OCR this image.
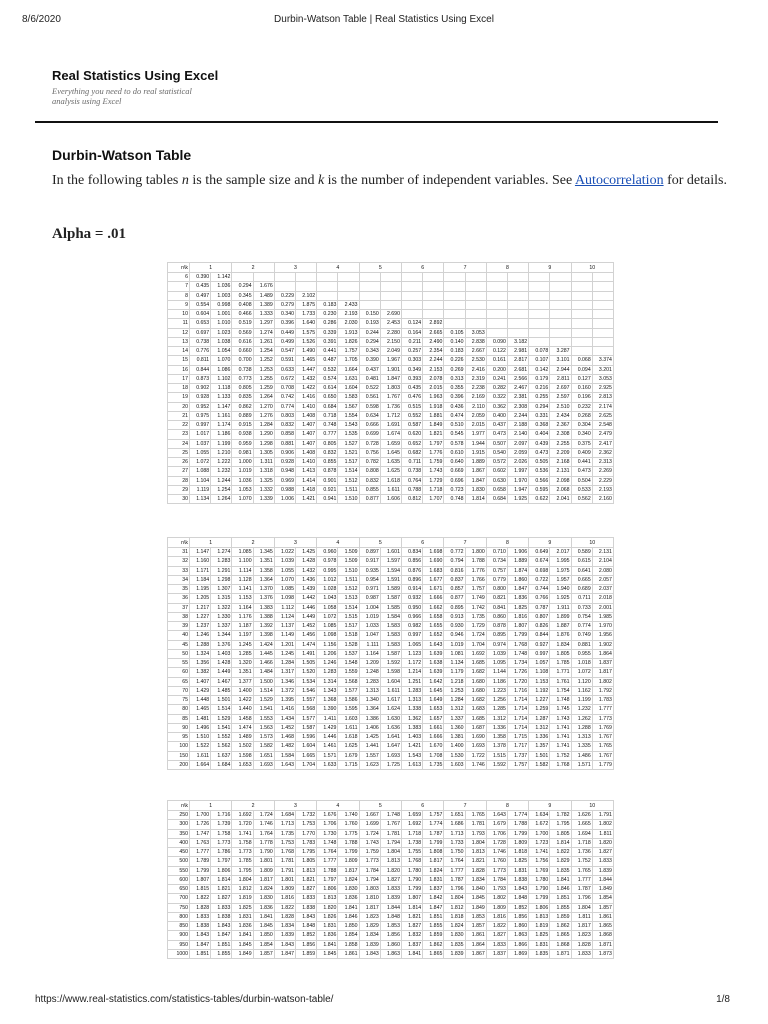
8/6/2020	Durbin-Watson Table | Real Statistics Using Excel
Real Statistics Using Excel
Everything you need to do real statistical analysis using Excel
Durbin-Watson Table
In the following tables n is the sample size and k is the number of independent variables. See Autocorrelation for details.
Alpha = .01
n\k	1		2		3		4		5		6		7		8		9		10	
6	0.390	1.142																		
7	0.435	1.036	0.294	1.676																
8	0.497	1.003	0.345	1.489	0.229	2.102														
9	0.554	0.998	0.408	1.389	0.279	1.875	0.183	2.433												
10	0.604	1.001	0.466	1.333	0.340	1.733	0.230	2.193	0.150	2.690										
11	0.653	1.010	0.519	1.297	0.396	1.640	0.286	2.030	0.193	2.453	0.124	2.892								
12	0.697	1.023	0.569	1.274	0.449	1.575	0.339	1.913	0.244	2.280	0.164	2.665	0.105	3.053						
13	0.738	1.038	0.616	1.261	0.499	1.526	0.391	1.826	0.294	2.150	0.211	2.490	0.140	2.838	0.090	3.182				
14	0.776	1.054	0.660	1.254	0.547	1.490	0.441	1.757	0.343	2.049	0.257	2.354	0.183	2.667	0.122	2.981	0.078	3.287		
15	0.811	1.070	0.700	1.252	0.591	1.465	0.487	1.705	0.390	1.967	0.303	2.244	0.226	2.530	0.161	2.817	0.107	3.101	0.068	3.374
16	0.844	1.086	0.738	1.253	0.633	1.447	0.532	1.664	0.437	1.901	0.349	2.153	0.269	2.416	0.200	2.681	0.142	2.944	0.094	3.201
17	0.873	1.102	0.773	1.255	0.672	1.432	0.574	1.631	0.481	1.847	0.393	2.078	0.313	2.319	0.241	2.566	0.179	2.811	0.127	3.053
18	0.902	1.118	0.805	1.259	0.708	1.422	0.614	1.604	0.522	1.803	0.435	2.015	0.355	2.238	0.282	2.467	0.216	2.697	0.160	2.925
19	0.928	1.133	0.835	1.264	0.742	1.416	0.650	1.583	0.561	1.767	0.476	1.963	0.396	2.169	0.322	2.381	0.255	2.597	0.196	2.813
20	0.952	1.147	0.862	1.270	0.774	1.410	0.684	1.567	0.598	1.736	0.515	1.918	0.436	2.110	0.362	2.308	0.294	2.510	0.232	2.174
21	0.975	1.161	0.889	1.276	0.803	1.408	0.718	1.554	0.634	1.712	0.552	1.881	0.474	2.059	0.400	2.244	0.331	2.434	0.268	2.625
22	0.997	1.174	0.915	1.284	0.832	1.407	0.748	1.543	0.666	1.691	0.587	1.849	0.510	2.015	0.437	2.188	0.368	2.367	0.304	2.548
23	1.017	1.186	0.938	1.290	0.858	1.407	0.777	1.535	0.699	1.674	0.620	1.821	0.545	1.977	0.473	2.140	0.404	2.308	0.340	2.479
24	1.037	1.199	0.959	1.298	0.881	1.407	0.805	1.527	0.728	1.659	0.652	1.797	0.578	1.944	0.507	2.097	0.439	2.255	0.375	2.417
25	1.055	1.210	0.981	1.305	0.906	1.408	0.832	1.521	0.756	1.645	0.682	1.776	0.610	1.915	0.540	2.059	0.473	2.209	0.409	2.362
26	1.072	1.222	1.000	1.311	0.928	1.410	0.855	1.517	0.782	1.635	0.711	1.759	0.640	1.889	0.572	2.026	0.505	2.168	0.441	2.313
27	1.088	1.232	1.019	1.318	0.948	1.413	0.878	1.514	0.808	1.625	0.738	1.743	0.669	1.867	0.602	1.997	0.536	2.131	0.473	2.269
28	1.104	1.244	1.036	1.325	0.969	1.414	0.901	1.512	0.832	1.618	0.764	1.729	0.696	1.847	0.630	1.970	0.566	2.098	0.504	2.229
29	1.119	1.254	1.053	1.332	0.988	1.418	0.921	1.511	0.855	1.611	0.788	1.718	0.723	1.830	0.658	1.947	0.595	2.068	0.533	2.193
30	1.134	1.264	1.070	1.339	1.006	1.421	0.941	1.510	0.877	1.606	0.812	1.707	0.748	1.814	0.684	1.925	0.622	2.041	0.562	2.160
n\k	1		2		3		4		5		6		7		8		9		10	
31	1.147	1.274	1.085	1.345	1.022	1.425	0.960	1.509	0.897	1.601	0.834	1.698	0.772	1.800	0.710	1.906	0.649	2.017	0.589	2.131
32	1.160	1.283	1.100	1.351	1.039	1.428	0.978	1.509	0.917	1.597	0.856	1.690	0.794	1.788	0.734	1.889	0.674	1.995	0.615	2.104
33	1.171	1.291	1.114	1.358	1.055	1.432	0.995	1.510	0.935	1.594	0.876	1.683	0.816	1.776	0.757	1.874	0.698	1.975	0.641	2.080
34	1.184	1.298	1.128	1.364	1.070	1.436	1.012	1.511	0.954	1.591	0.896	1.677	0.837	1.766	0.779	1.860	0.722	1.957	0.665	2.057
35	1.195	1.307	1.141	1.370	1.085	1.439	1.028	1.512	0.971	1.589	0.914	1.671	0.857	1.757	0.800	1.847	0.744	1.940	0.689	2.037
36	1.205	1.315	1.153	1.376	1.098	1.442	1.043	1.513	0.987	1.587	0.932	1.666	0.877	1.749	0.821	1.836	0.766	1.925	0.711	2.018
37	1.217	1.322	1.164	1.383	1.112	1.446	1.058	1.514	1.004	1.585	0.950	1.662	0.895	1.742	0.841	1.825	0.787	1.911	0.733	2.001
38	1.227	1.330	1.176	1.388	1.124	1.449	1.072	1.515	1.019	1.584	0.966	1.658	0.913	1.735	0.860	1.816	0.807	1.899	0.754	1.985
39	1.237	1.337	1.187	1.392	1.137	1.452	1.085	1.517	1.033	1.583	0.982	1.655	0.930	1.729	0.878	1.807	0.826	1.887	0.774	1.970
40	1.246	1.344	1.197	1.398	1.149	1.456	1.098	1.518	1.047	1.583	0.997	1.652	0.946	1.724	0.895	1.799	0.844	1.876	0.749	1.956
45	1.288	1.376	1.245	1.424	1.201	1.474	1.156	1.528	1.111	1.583	1.065	1.643	1.019	1.704	0.974	1.768	0.927	1.834	0.881	1.902
50	1.324	1.403	1.285	1.445	1.245	1.491	1.206	1.537	1.164	1.587	1.123	1.639	1.081	1.692	1.039	1.748	0.997	1.805	0.955	1.864
55	1.356	1.428	1.320	1.466	1.284	1.505	1.246	1.548	1.209	1.592	1.172	1.638	1.134	1.685	1.095	1.734	1.057	1.785	1.018	1.837
60	1.382	1.449	1.351	1.484	1.317	1.520	1.283	1.559	1.248	1.598	1.214	1.639	1.179	1.682	1.144	1.726	1.108	1.771	1.072	1.817
65	1.407	1.467	1.377	1.500	1.346	1.534	1.314	1.568	1.283	1.604	1.251	1.642	1.218	1.680	1.186	1.720	1.153	1.761	1.120	1.802
70	1.429	1.485	1.400	1.514	1.372	1.546	1.343	1.577	1.313	1.611	1.283	1.645	1.253	1.680	1.223	1.716	1.192	1.754	1.162	1.792
75	1.448	1.501	1.422	1.529	1.395	1.557	1.368	1.586	1.340	1.617	1.313	1.649	1.284	1.682	1.256	1.714	1.227	1.748	1.199	1.783
80	1.465	1.514	1.440	1.541	1.416	1.568	1.390	1.595	1.364	1.624	1.338	1.653	1.312	1.683	1.285	1.714	1.259	1.745	1.232	1.777
85	1.481	1.529	1.458	1.553	1.434	1.577	1.411	1.603	1.386	1.630	1.362	1.657	1.337	1.685	1.312	1.714	1.287	1.743	1.262	1.773
90	1.496	1.541	1.474	1.563	1.452	1.587	1.429	1.611	1.406	1.636	1.383	1.661	1.360	1.687	1.336	1.714	1.312	1.741	1.288	1.769
95	1.510	1.552	1.489	1.573	1.468	1.596	1.446	1.618	1.425	1.641	1.403	1.666	1.381	1.690	1.358	1.715	1.336	1.741	1.313	1.767
100	1.522	1.562	1.502	1.582	1.482	1.604	1.461	1.625	1.441	1.647	1.421	1.670	1.400	1.693	1.378	1.717	1.357	1.741	1.335	1.765
150	1.611	1.637	1.598	1.651	1.584	1.665	1.571	1.679	1.557	1.693	1.543	1.708	1.530	1.722	1.515	1.737	1.501	1.752	1.486	1.767
200	1.664	1.684	1.653	1.693	1.643	1.704	1.633	1.715	1.623	1.725	1.613	1.735	1.603	1.746	1.592	1.757	1.582	1.768	1.571	1.779
n\k	1		2		3		4		5		6		7		8		9		10	
250	1.700	1.716	1.692	1.724	1.684	1.732	1.676	1.740	1.667	1.748	1.659	1.757	1.651	1.765	1.643	1.774	1.634	1.782	1.626	1.791
300	1.726	1.739	1.720	1.746	1.713	1.753	1.706	1.760	1.699	1.767	1.692	1.774	1.686	1.781	1.679	1.788	1.672	1.795	1.665	1.802
350	1.747	1.758	1.741	1.764	1.735	1.770	1.730	1.775	1.724	1.781	1.718	1.787	1.713	1.793	1.706	1.799	1.700	1.805	1.694	1.811
400	1.763	1.773	1.758	1.778	1.753	1.783	1.748	1.788	1.743	1.794	1.738	1.799	1.733	1.804	1.728	1.809	1.723	1.814	1.718	1.820
450	1.777	1.786	1.773	1.790	1.768	1.795	1.764	1.799	1.759	1.804	1.755	1.808	1.750	1.813	1.746	1.818	1.741	1.822	1.736	1.827
500	1.789	1.797	1.785	1.801	1.781	1.805	1.777	1.809	1.773	1.813	1.768	1.817	1.764	1.821	1.760	1.825	1.756	1.829	1.752	1.833
550	1.799	1.806	1.795	1.809	1.791	1.813	1.788	1.817	1.784	1.820	1.780	1.824	1.777	1.828	1.773	1.831	1.769	1.835	1.765	1.839
600	1.807	1.814	1.804	1.817	1.801	1.821	1.797	1.824	1.794	1.827	1.790	1.831	1.787	1.834	1.784	1.838	1.780	1.841	1.777	1.844
650	1.815	1.821	1.812	1.824	1.809	1.827	1.806	1.830	1.803	1.833	1.799	1.837	1.796	1.840	1.793	1.843	1.790	1.846	1.787	1.849
700	1.822	1.827	1.819	1.830	1.816	1.833	1.813	1.836	1.810	1.839	1.807	1.842	1.804	1.845	1.802	1.848	1.799	1.851	1.796	1.854
750	1.828	1.833	1.825	1.836	1.822	1.838	1.820	1.841	1.817	1.844	1.814	1.847	1.812	1.849	1.809	1.852	1.806	1.855	1.804	1.857
800	1.833	1.838	1.831	1.841	1.828	1.843	1.826	1.846	1.823	1.848	1.821	1.851	1.818	1.853	1.816	1.856	1.813	1.859	1.811	1.861
850	1.838	1.843	1.836	1.845	1.834	1.848	1.831	1.850	1.829	1.853	1.827	1.855	1.824	1.857	1.822	1.860	1.819	1.862	1.817	1.865
900	1.843	1.847	1.841	1.850	1.839	1.852	1.836	1.854	1.834	1.856	1.832	1.859	1.830	1.861	1.827	1.863	1.825	1.865	1.823	1.868
950	1.847	1.851	1.845	1.854	1.843	1.856	1.841	1.858	1.839	1.860	1.837	1.862	1.835	1.864	1.833	1.866	1.831	1.868	1.828	1.871
1000	1.851	1.855	1.849	1.857	1.847	1.859	1.845	1.861	1.843	1.863	1.841	1.865	1.839	1.867	1.837	1.869	1.835	1.871	1.833	1.873
https://www.real-statistics.com/statistics-tables/durbin-watson-table/	1/8
